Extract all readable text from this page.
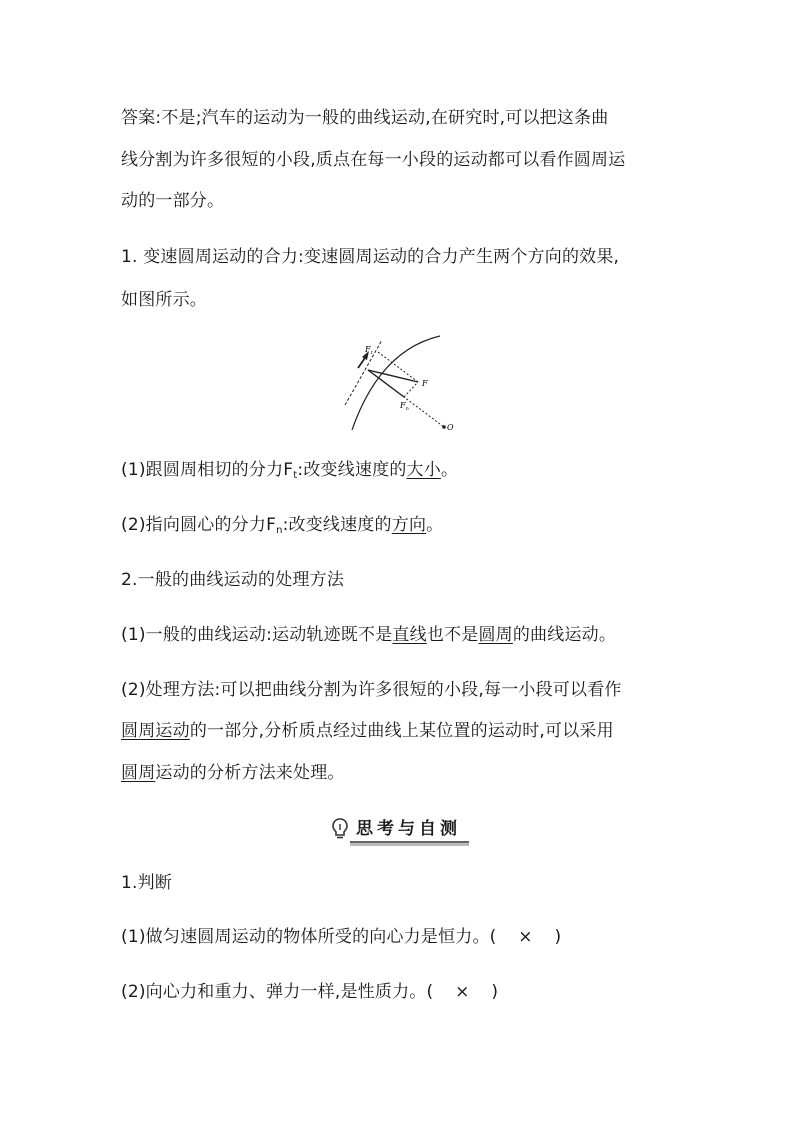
答案:不是;汽车的运动为一般的曲线运动,在研究时,可以把这条曲
线分割为许多很短的小段,质点在每一小段的运动都可以看作圆周运
动的一部分。
1. 变速圆周运动的合力:变速圆周运动的合力产生两个方向的效果,
如图所示。
$F_t$
F
$F_n$
O
(1)跟圆周相切的分力$F_t$:改变线速度的大小。
(2)指向圆心的分力$F_n$:改变线速度的方向。
2.一般的曲线运动的处理方法
(1)一般的曲线运动:运动轨迹既不是直线也不是圆周的曲线运动。
(2)处理方法:可以把曲线分割为许多很短的小段,每一小段可以看作
圆周运动的一部分,分析质点经过曲线上某位置的运动时,可以采用
圆周运动的分析方法来处理。
思考与自测
1.判断
(1)做匀速圆周运动的物体所受的向心力是恒力。( × )
(2)向心力和重力、弹力一样,是性质力。( × )
